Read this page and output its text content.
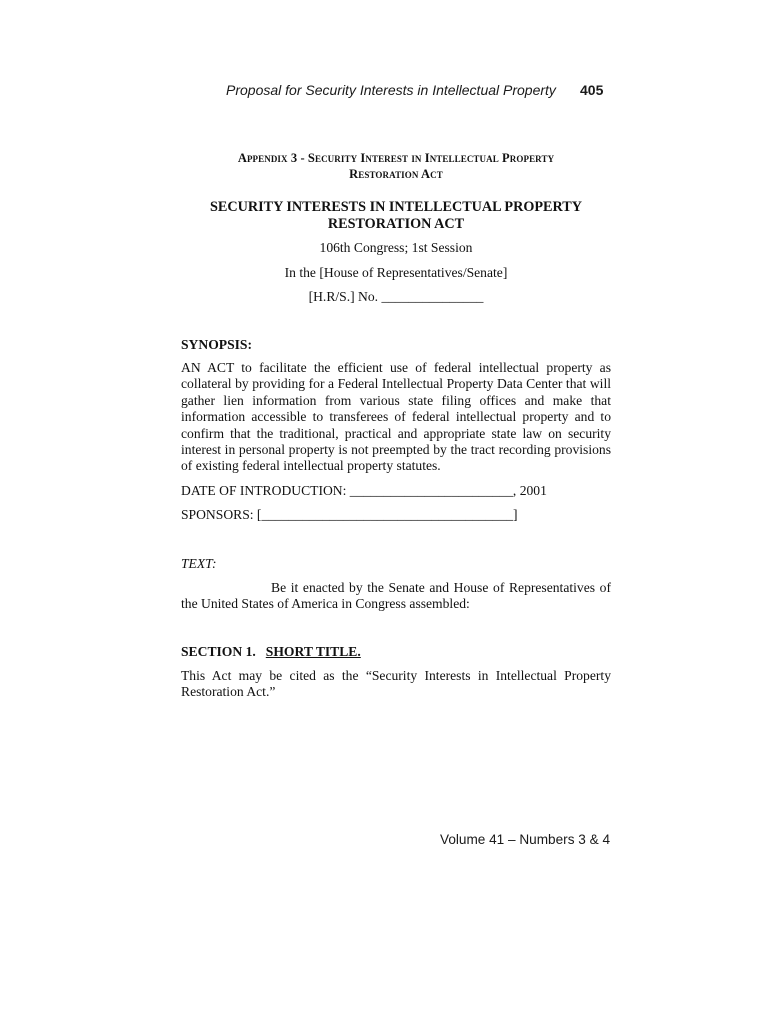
Proposal for Security Interests in Intellectual Property 405
Appendix 3 - Security Interest in Intellectual Property
Restoration Act
SECURITY INTERESTS IN INTELLECTUAL PROPERTY
RESTORATION ACT
106th Congress; 1st Session
In the [House of Representatives/Senate]
[H.R/S.] No. _______________
SYNOPSIS:
AN ACT to facilitate the efficient use of federal intellectual property as collateral by providing for a Federal Intellectual Property Data Center that will gather lien information from various state filing offices and make that information accessible to transferees of federal intellectual property and to confirm that the traditional, practical and appropriate state law on security interest in personal property is not preempted by the tract recording provisions of existing federal intellectual property statutes.
DATE OF INTRODUCTION: ________________________, 2001
SPONSORS: [_____________________________________]
TEXT:
Be it enacted by the Senate and House of Representatives of the United States of America in Congress assembled:
SECTION 1. SHORT TITLE.
This Act may be cited as the “Security Interests in Intellectual Property Restoration Act.”
Volume 41 – Numbers 3 & 4
